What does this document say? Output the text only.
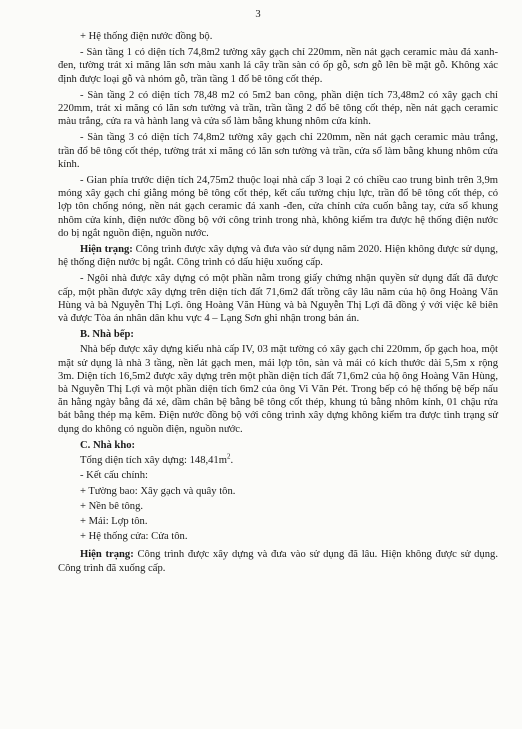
3

+ Hệ thống điện nước đồng bộ.

- Sàn tầng 1 có diện tích 74,8m2 tường xây gạch chỉ 220mm, nền nát gạch ceramic màu đá xanh-đen, tường trát xi măng lăn sơn màu xanh lá cây trần sàn có ốp gỗ, sơn gỗ lên bề mặt gỗ. Không xác định được loại gỗ và nhóm gỗ, trần tầng 1 đổ bê tông cốt thép.

- Sàn tầng 2 có diện tích 78,48 m2 có 5m2 ban công, phần diện tích 73,48m2 có xây gạch chỉ 220mm, trát xi măng có lăn sơn tường và trần, trần tầng 2 đổ bê tông cốt thép, nền nát gạch ceramic màu trắng, cửa ra và hành lang và cửa sổ làm bằng khung nhôm cửa kính.

- Sàn tầng 3 có diện tích 74,8m2 tường xây gạch chỉ 220mm, nền nát gạch ceramic màu trắng, trần đổ bê tông cốt thép, tường trát xi măng có lăn sơn tường và trần, cửa sổ làm bằng khung nhôm cửa kính.

- Gian phía trước diện tích 24,75m2 thuộc loại nhà cấp 3 loại 2 có chiều cao trung bình trên 3,9m móng xây gạch chỉ giằng móng bê tông cốt thép, kết cấu tường chịu lực, trần đổ bê tông cốt thép, có lợp tôn chống nóng, nền nát gạch ceramic đá xanh -đen, cửa chính cửa cuốn bằng tay, cửa sổ khung nhôm cửa kính, điện nước đồng bộ với công trình trong nhà, không kiểm tra được hệ thống điện nước do bị ngắt nguồn điện, nguồn nước.

Hiện trạng: Công trình được xây dựng và đưa vào sử dụng năm 2020. Hiện không được sử dụng, hệ thống điện nước bị ngắt. Công trình có dấu hiệu xuống cấp.

- Ngôi nhà được xây dựng có một phần nằm trong giấy chứng nhận quyền sử dụng đất đã được cấp, một phần được xây dựng trên diện tích đất 71,6m2 đất trồng cây lâu năm của hộ ông Hoàng Văn Hùng và bà Nguyễn Thị Lợi. ông Hoàng Văn Hùng và bà Nguyễn Thị Lợi đã đồng ý với việc kê biên và được Tòa án nhân dân khu vực 4 – Lạng Sơn ghi nhận trong bản án.

B. Nhà bếp:

Nhà bếp được xây dựng kiểu nhà cấp IV, 03 mặt tường có xây gạch chỉ 220mm, ốp gạch hoa, một mặt sử dụng là nhà 3 tầng, nền lát gạch men, mái lợp tôn, sàn và mái có kích thước dài 5,5m x rộng 3m. Diện tích 16,5m2 được xây dựng trên một phần diện tích đất 71,6m2 của hộ ông Hoàng Văn Hùng, bà Nguyễn Thị Lợi và một phần diện tích 6m2 của ông Vi Văn Pét. Trong bếp có hệ thống bệ bếp nấu ăn hằng ngày bằng đá xẻ, dầm chân bệ bằng bê tông cốt thép, khung tủ bằng nhôm kính, 01 chậu rửa bát bằng thép mạ kẽm. Điện nước đồng bộ với công trình xây dựng không kiểm tra được tình trạng sử dụng do không có nguồn điện, nguồn nước.

C. Nhà kho:

Tổng diện tích xây dựng: $148,41m^2$.

- Kết cấu chính:

+ Tường bao: Xây gạch và quây tôn.

+ Nền bê tông.

+ Mái: Lợp tôn.

+ Hệ thống cửa: Cửa tôn.

Hiện trạng: Công trình được xây dựng và đưa vào sử dụng đã lâu. Hiện không được sử dụng. Công trình đã xuống cấp.
